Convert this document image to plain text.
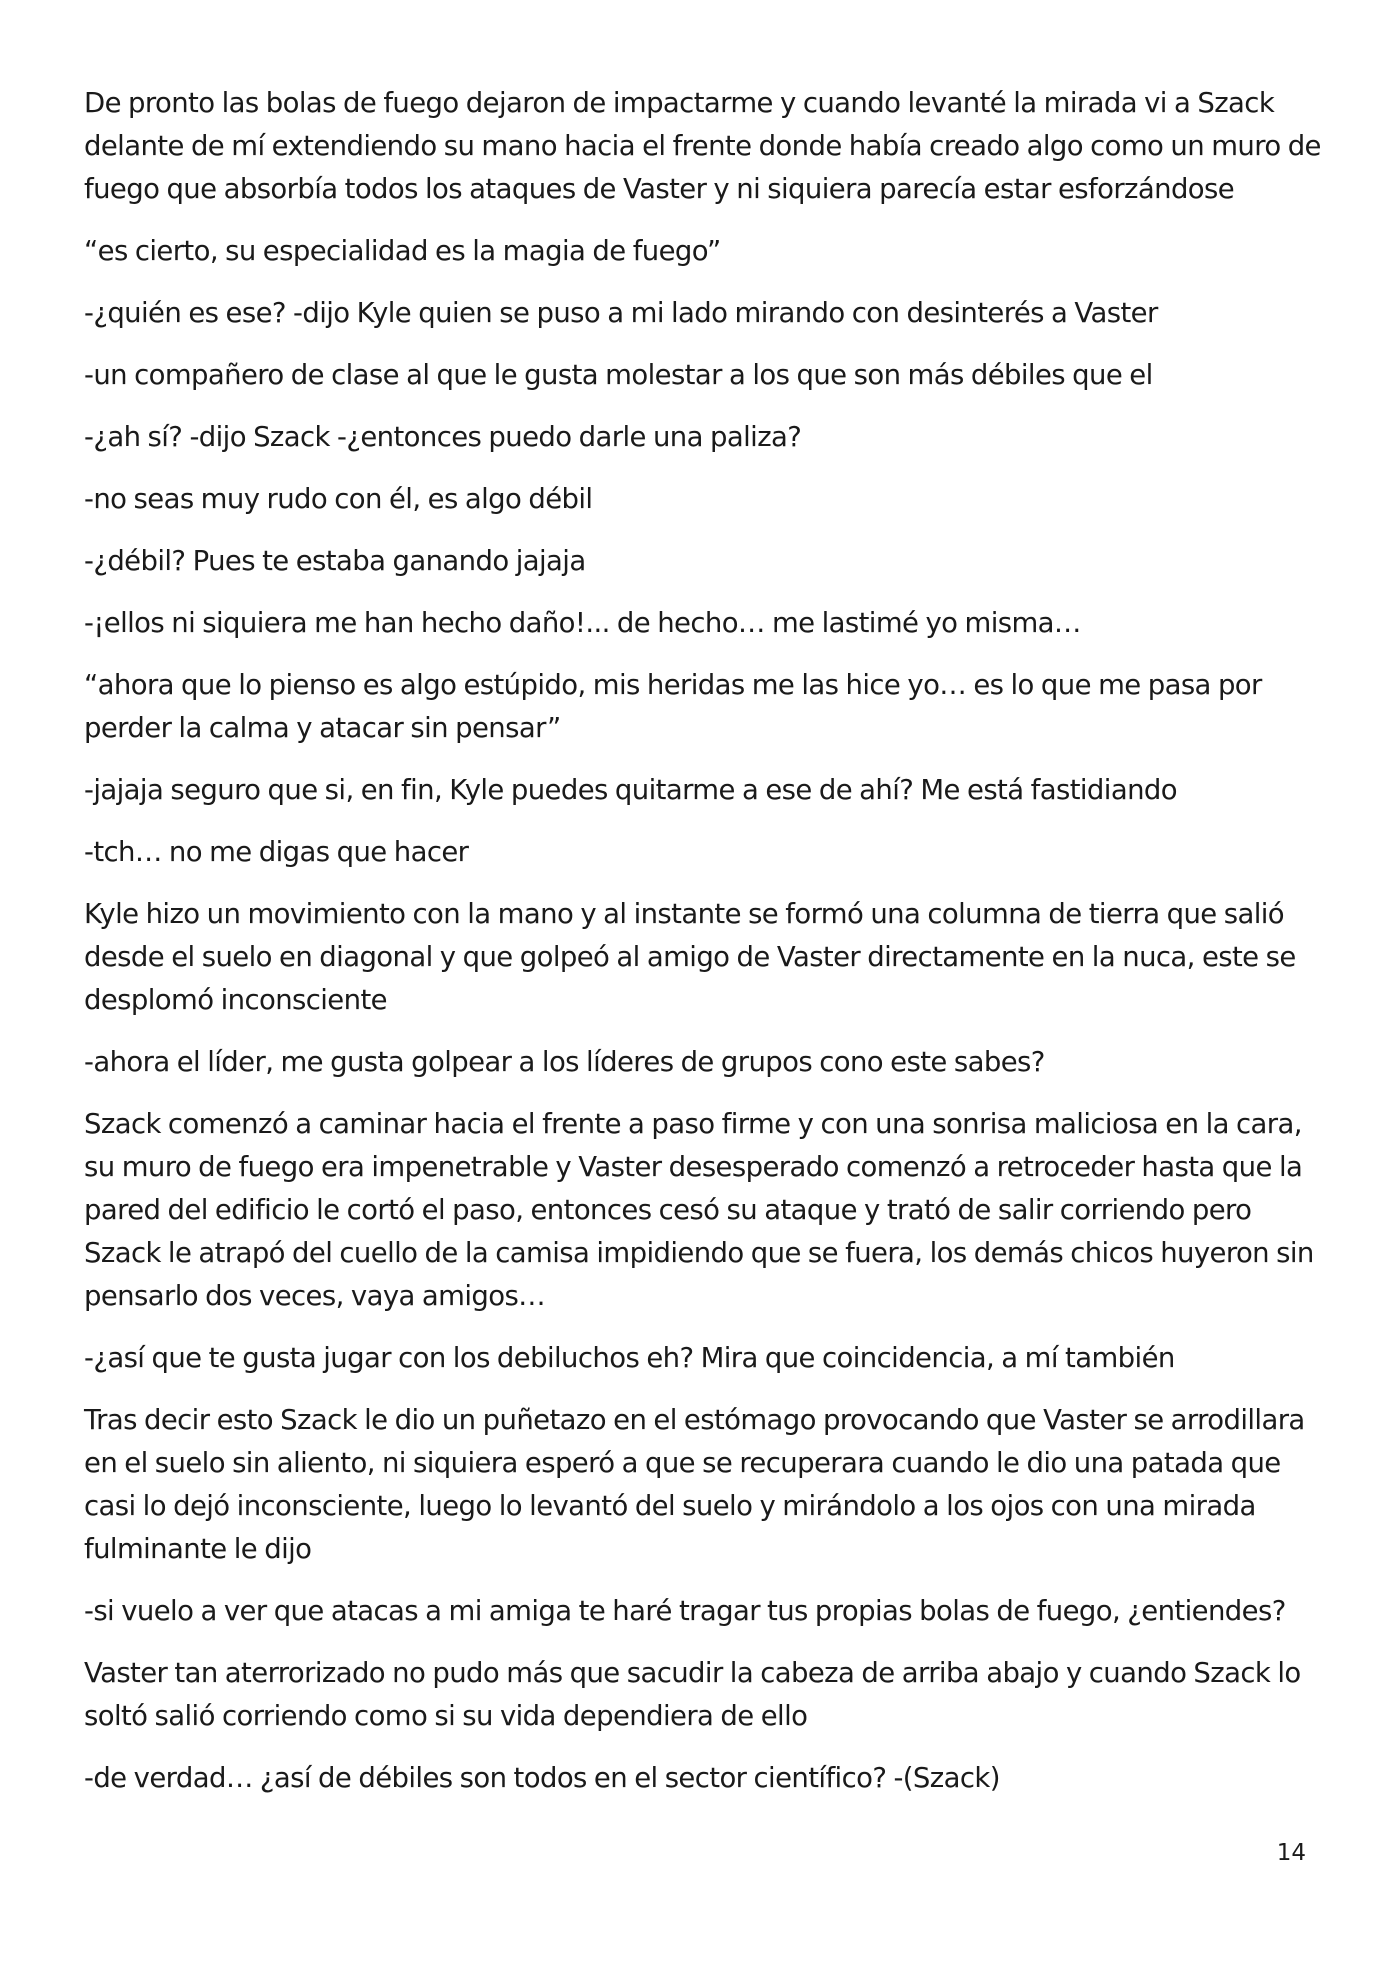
De pronto las bolas de fuego dejaron de impactarme y cuando levanté la mirada vi a Szack delante de mí extendiendo su mano hacia el frente donde había creado algo como un muro de fuego que absorbía todos los ataques de Vaster y ni siquiera parecía estar esforzándose

“es cierto, su especialidad es la magia de fuego”

-¿quién es ese? -dijo Kyle quien se puso a mi lado mirando con desinterés a Vaster

-un compañero de clase al que le gusta molestar a los que son más débiles que el

-¿ah sí? -dijo Szack -¿entonces puedo darle una paliza?

-no seas muy rudo con él, es algo débil

-¿débil? Pues te estaba ganando jajaja

-¡ellos ni siquiera me han hecho daño!... de hecho… me lastimé yo misma…

“ahora que lo pienso es algo estúpido, mis heridas me las hice yo… es lo que me pasa por perder la calma y atacar sin pensar”

-jajaja seguro que si, en fin, Kyle puedes quitarme a ese de ahí? Me está fastidiando

-tch… no me digas que hacer

Kyle hizo un movimiento con la mano y al instante se formó una columna de tierra que salió desde el suelo en diagonal y que golpeó al amigo de Vaster directamente en la nuca, este se desplomó inconsciente

-ahora el líder, me gusta golpear a los líderes de grupos cono este sabes?

Szack comenzó a caminar hacia el frente a paso firme y con una sonrisa maliciosa en la cara, su muro de fuego era impenetrable y Vaster desesperado comenzó a retroceder hasta que la pared del edificio le cortó el paso, entonces cesó su ataque y trató de salir corriendo pero Szack le atrapó del cuello de la camisa impidiendo que se fuera, los demás chicos huyeron sin pensarlo dos veces, vaya amigos…

-¿así que te gusta jugar con los debiluchos eh? Mira que coincidencia, a mí también

Tras decir esto Szack le dio un puñetazo en el estómago provocando que Vaster se arrodillara en el suelo sin aliento, ni siquiera esperó a que se recuperara cuando le dio una patada que casi lo dejó inconsciente, luego lo levantó del suelo y mirándolo a los ojos con una mirada fulminante le dijo

-si vuelo a ver que atacas a mi amiga te haré tragar tus propias bolas de fuego, ¿entiendes?

Vaster tan aterrorizado no pudo más que sacudir la cabeza de arriba abajo y cuando Szack lo soltó salió corriendo como si su vida dependiera de ello

-de verdad… ¿así de débiles son todos en el sector científico? -(Szack)

14
